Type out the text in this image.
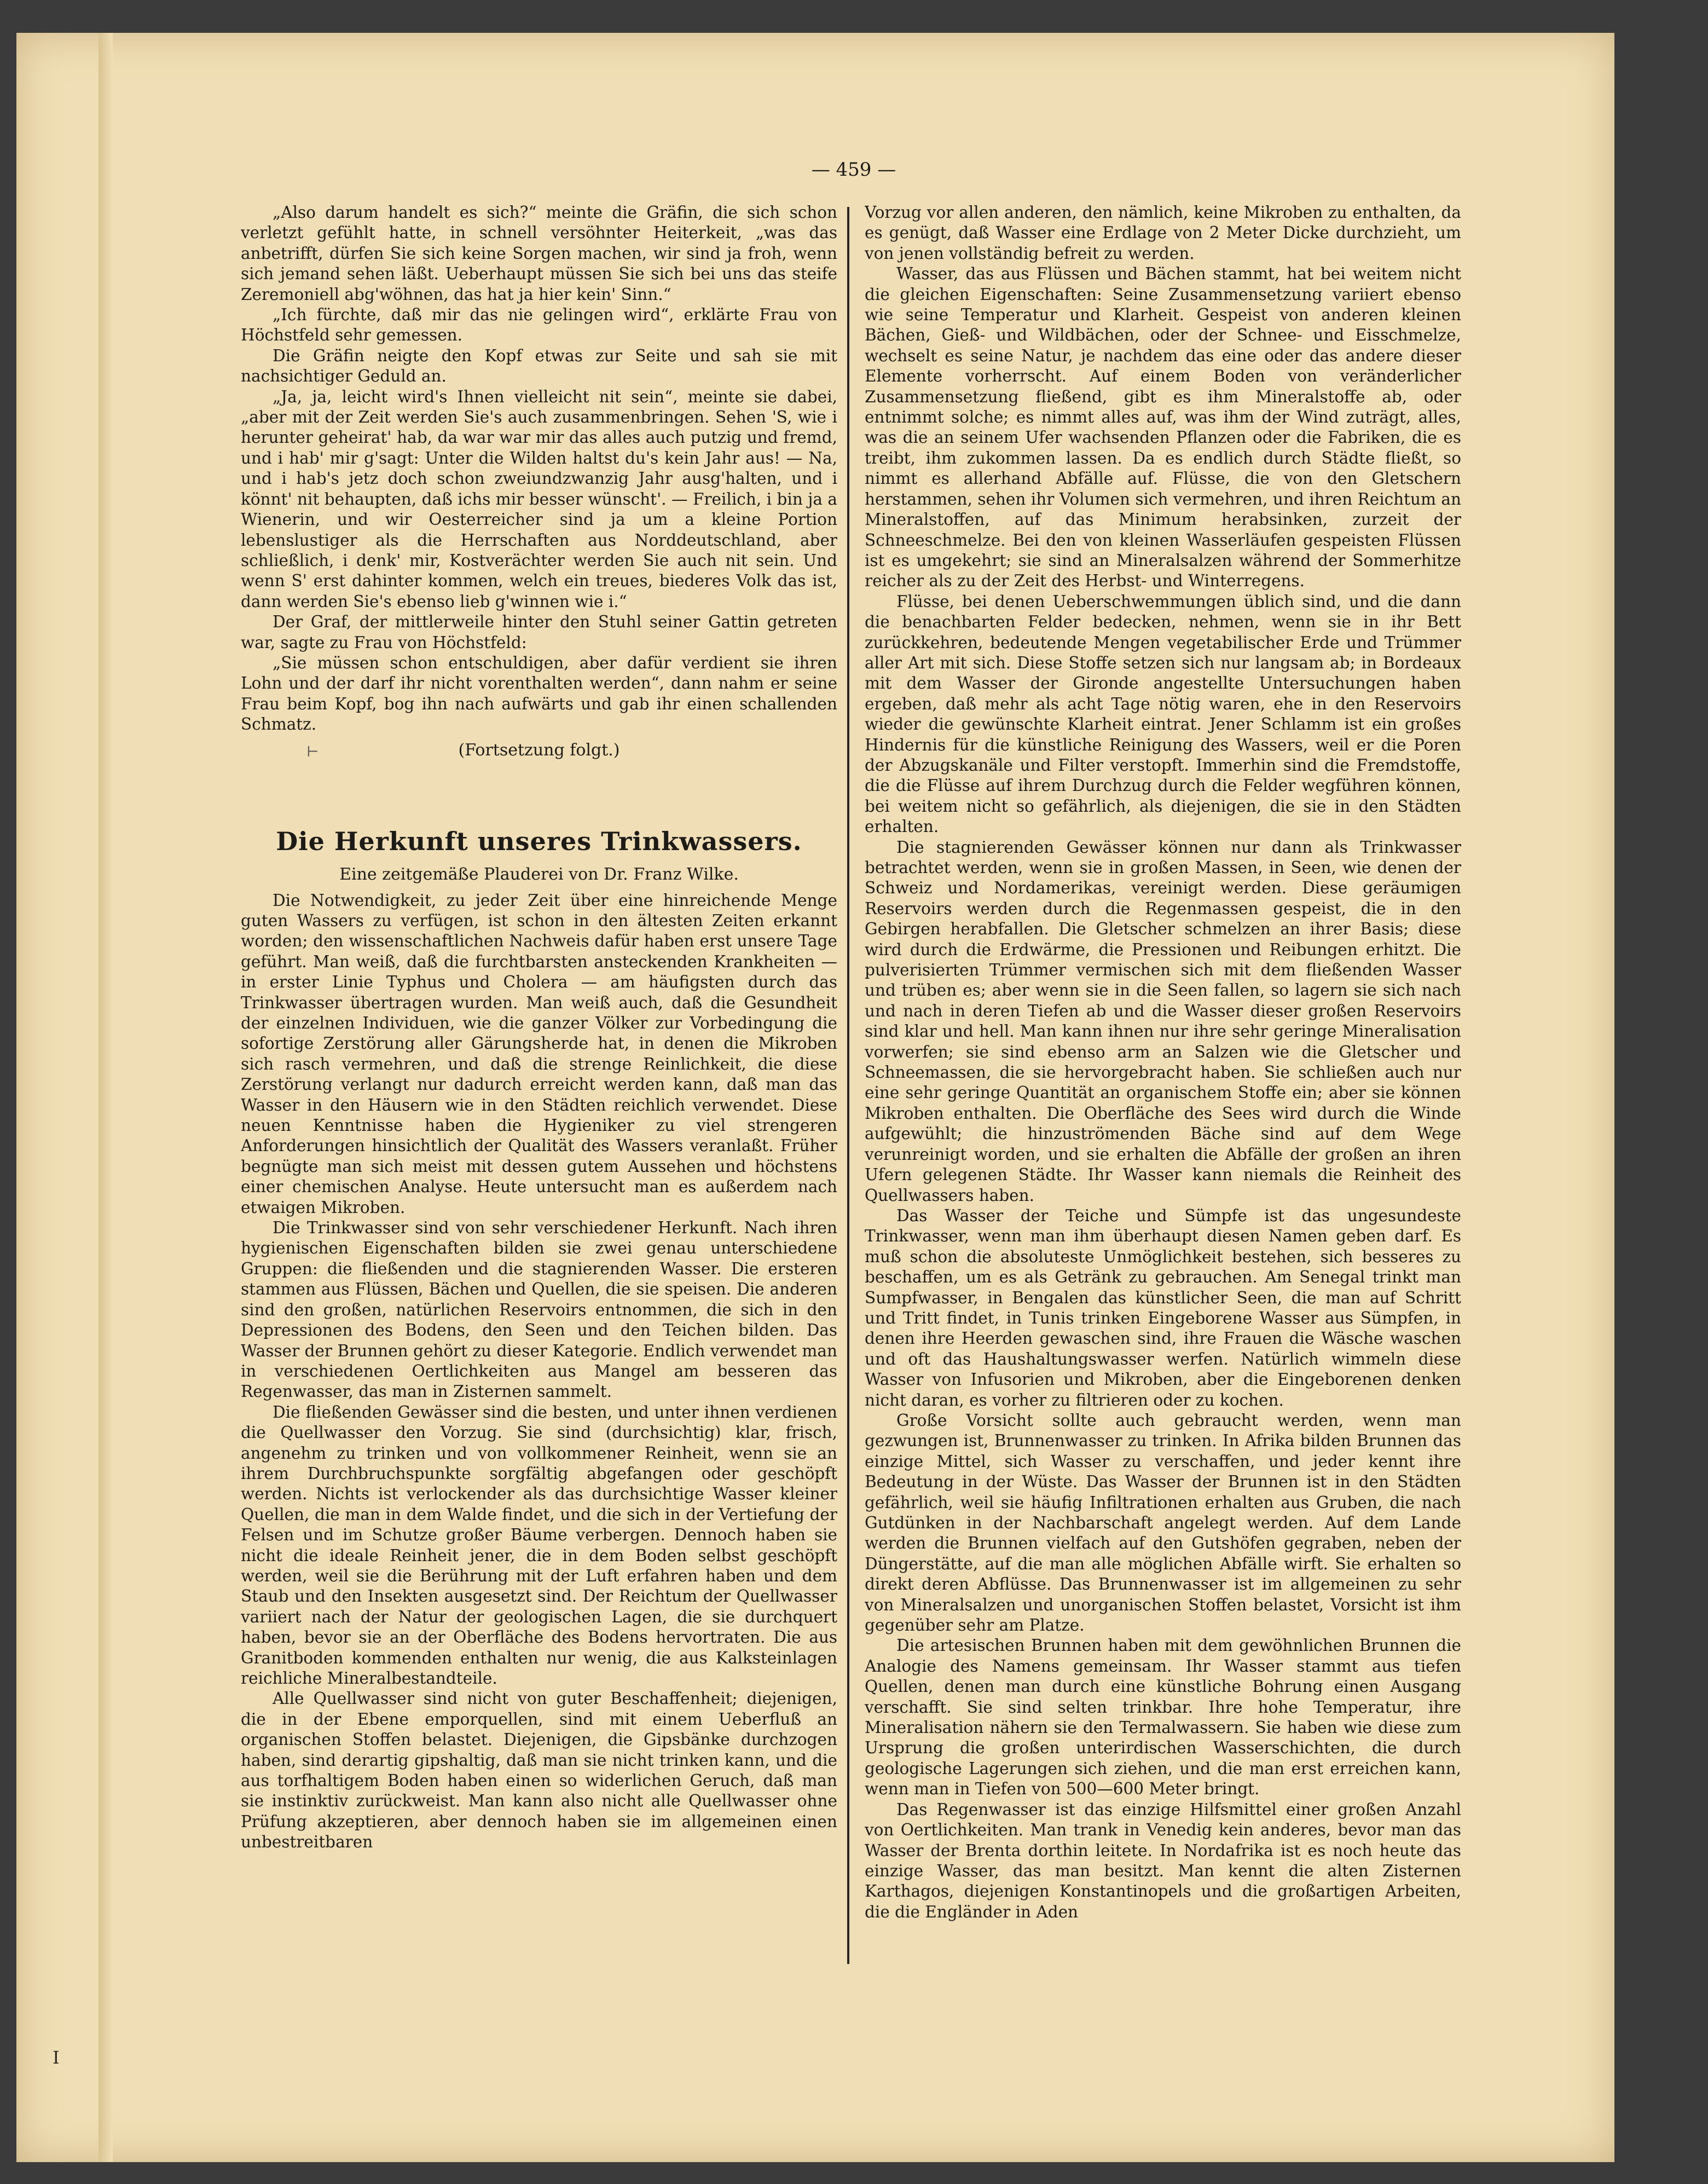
— 459 —

„Also darum handelt es sich?“ meinte die Gräfin, die sich schon verletzt gefühlt hatte, in schnell versöhnter Heiterkeit, „was das anbetrifft, dürfen Sie sich keine Sorgen machen, wir sind ja froh, wenn sich jemand sehen läßt. Ueberhaupt müssen Sie sich bei uns das steife Zeremoniell abg'wöhnen, das hat ja hier kein' Sinn.“

„Ich fürchte, daß mir das nie gelingen wird“, erklärte Frau von Höchstfeld sehr gemessen.

Die Gräfin neigte den Kopf etwas zur Seite und sah sie mit nachsichtiger Geduld an.

„Ja, ja, leicht wird's Ihnen vielleicht nit sein“, meinte sie dabei, „aber mit der Zeit werden Sie's auch zusammenbringen. Sehen 'S, wie i herunter geheirat' hab, da war war mir das alles auch putzig und fremd, und i hab' mir g'sagt: Unter die Wilden haltst du's kein Jahr aus! — Na, und i hab's jetz doch schon zweiundzwanzig Jahr ausg'halten, und i könnt' nit behaupten, daß ichs mir besser wünscht'. — Freilich, i bin ja a Wienerin, und wir Oesterreicher sind ja um a kleine Portion lebenslustiger als die Herrschaften aus Norddeutschland, aber schließlich, i denk' mir, Kostverächter werden Sie auch nit sein. Und wenn S' erst dahinter kommen, welch ein treues, biederes Volk das ist, dann werden Sie's ebenso lieb g'winnen wie i.“

Der Graf, der mittlerweile hinter den Stuhl seiner Gattin getreten war, sagte zu Frau von Höchstfeld:

„Sie müssen schon entschuldigen, aber dafür verdient sie ihren Lohn und der darf ihr nicht vorenthalten werden“, dann nahm er seine Frau beim Kopf, bog ihn nach aufwärts und gab ihr einen schallenden Schmatz.

⊢	(Fortsetzung folgt.)

Die Herkunft unseres Trinkwassers.

Eine zeitgemäße Plauderei von Dr. Franz Wilke.

Die Notwendigkeit, zu jeder Zeit über eine hinreichende Menge guten Wassers zu verfügen, ist schon in den ältesten Zeiten erkannt worden; den wissenschaftlichen Nachweis dafür haben erst unsere Tage geführt. Man weiß, daß die furchtbarsten ansteckenden Krankheiten — in erster Linie Typhus und Cholera — am häufigsten durch das Trinkwasser übertragen wurden. Man weiß auch, daß die Gesundheit der einzelnen Individuen, wie die ganzer Völker zur Vorbedingung die sofortige Zerstörung aller Gärungsherde hat, in denen die Mikroben sich rasch vermehren, und daß die strenge Reinlichkeit, die diese Zerstörung verlangt nur dadurch erreicht werden kann, daß man das Wasser in den Häusern wie in den Städten reichlich verwendet. Diese neuen Kenntnisse haben die Hygieniker zu viel strengeren Anforderungen hinsichtlich der Qualität des Wassers veranlaßt. Früher begnügte man sich meist mit dessen gutem Aussehen und höchstens einer chemischen Analyse. Heute untersucht man es außerdem nach etwaigen Mikroben.

Die Trinkwasser sind von sehr verschiedener Herkunft. Nach ihren hygienischen Eigenschaften bilden sie zwei genau unterschiedene Gruppen: die fließenden und die stagnierenden Wasser. Die ersteren stammen aus Flüssen, Bächen und Quellen, die sie speisen. Die anderen sind den großen, natürlichen Reservoirs entnommen, die sich in den Depressionen des Bodens, den Seen und den Teichen bilden. Das Wasser der Brunnen gehört zu dieser Kategorie. Endlich verwendet man in verschiedenen Oertlichkeiten aus Mangel am besseren das Regenwasser, das man in Zisternen sammelt.

Die fließenden Gewässer sind die besten, und unter ihnen verdienen die Quellwasser den Vorzug. Sie sind (durchsichtig) klar, frisch, angenehm zu trinken und von vollkommener Reinheit, wenn sie an ihrem Durchbruchspunkte sorgfältig abgefangen oder geschöpft werden. Nichts ist verlockender als das durchsichtige Wasser kleiner Quellen, die man in dem Walde findet, und die sich in der Vertiefung der Felsen und im Schutze großer Bäume verbergen. Dennoch haben sie nicht die ideale Reinheit jener, die in dem Boden selbst geschöpft werden, weil sie die Berührung mit der Luft erfahren haben und dem Staub und den Insekten ausgesetzt sind. Der Reichtum der Quellwasser variiert nach der Natur der geologischen Lagen, die sie durchquert haben, bevor sie an der Oberfläche des Bodens hervortraten. Die aus Granitboden kommenden enthalten nur wenig, die aus Kalksteinlagen reichliche Mineralbestandteile.

Alle Quellwasser sind nicht von guter Beschaffenheit; diejenigen, die in der Ebene emporquellen, sind mit einem Ueberfluß an organischen Stoffen belastet. Diejenigen, die Gipsbänke durchzogen haben, sind derartig gipshaltig, daß man sie nicht trinken kann, und die aus torfhaltigem Boden haben einen so widerlichen Geruch, daß man sie instinktiv zurückweist. Man kann also nicht alle Quellwasser ohne Prüfung akzeptieren, aber dennoch haben sie im allgemeinen einen unbestreitbaren

Vorzug vor allen anderen, den nämlich, keine Mikroben zu enthalten, da es genügt, daß Wasser eine Erdlage von 2 Meter Dicke durchzieht, um von jenen vollständig befreit zu werden.

Wasser, das aus Flüssen und Bächen stammt, hat bei weitem nicht die gleichen Eigenschaften: Seine Zusammensetzung variiert ebenso wie seine Temperatur und Klarheit. Gespeist von anderen kleinen Bächen, Gieß- und Wildbächen, oder der Schnee- und Eisschmelze, wechselt es seine Natur, je nachdem das eine oder das andere dieser Elemente vorherrscht. Auf einem Boden von veränderlicher Zusammensetzung fließend, gibt es ihm Mineralstoffe ab, oder entnimmt solche; es nimmt alles auf, was ihm der Wind zuträgt, alles, was die an seinem Ufer wachsenden Pflanzen oder die Fabriken, die es treibt, ihm zukommen lassen. Da es endlich durch Städte fließt, so nimmt es allerhand Abfälle auf. Flüsse, die von den Gletschern herstammen, sehen ihr Volumen sich vermehren, und ihren Reichtum an Mineralstoffen, auf das Minimum herabsinken, zurzeit der Schneeschmelze. Bei den von kleinen Wasserläufen gespeisten Flüssen ist es umgekehrt; sie sind an Mineralsalzen während der Sommerhitze reicher als zu der Zeit des Herbst- und Winterregens.

Flüsse, bei denen Ueberschwemmungen üblich sind, und die dann die benachbarten Felder bedecken, nehmen, wenn sie in ihr Bett zurückkehren, bedeutende Mengen vegetabilischer Erde und Trümmer aller Art mit sich. Diese Stoffe setzen sich nur langsam ab; in Bordeaux mit dem Wasser der Gironde angestellte Untersuchungen haben ergeben, daß mehr als acht Tage nötig waren, ehe in den Reservoirs wieder die gewünschte Klarheit eintrat. Jener Schlamm ist ein großes Hindernis für die künstliche Reinigung des Wassers, weil er die Poren der Abzugskanäle und Filter verstopft. Immerhin sind die Fremdstoffe, die die Flüsse auf ihrem Durchzug durch die Felder wegführen können, bei weitem nicht so gefährlich, als diejenigen, die sie in den Städten erhalten.

Die stagnierenden Gewässer können nur dann als Trinkwasser betrachtet werden, wenn sie in großen Massen, in Seen, wie denen der Schweiz und Nordamerikas, vereinigt werden. Diese geräumigen Reservoirs werden durch die Regenmassen gespeist, die in den Gebirgen herabfallen. Die Gletscher schmelzen an ihrer Basis; diese wird durch die Erdwärme, die Pressionen und Reibungen erhitzt. Die pulverisierten Trümmer vermischen sich mit dem fließenden Wasser und trüben es; aber wenn sie in die Seen fallen, so lagern sie sich nach und nach in deren Tiefen ab und die Wasser dieser großen Reservoirs sind klar und hell. Man kann ihnen nur ihre sehr geringe Mineralisation vorwerfen; sie sind ebenso arm an Salzen wie die Gletscher und Schneemassen, die sie hervorgebracht haben. Sie schließen auch nur eine sehr geringe Quantität an organischem Stoffe ein; aber sie können Mikroben enthalten. Die Oberfläche des Sees wird durch die Winde aufgewühlt; die hinzuströmenden Bäche sind auf dem Wege verunreinigt worden, und sie erhalten die Abfälle der großen an ihren Ufern gelegenen Städte. Ihr Wasser kann niemals die Reinheit des Quellwassers haben.

Das Wasser der Teiche und Sümpfe ist das ungesundeste Trinkwasser, wenn man ihm überhaupt diesen Namen geben darf. Es muß schon die absoluteste Unmöglichkeit bestehen, sich besseres zu beschaffen, um es als Getränk zu gebrauchen. Am Senegal trinkt man Sumpfwasser, in Bengalen das künstlicher Seen, die man auf Schritt und Tritt findet, in Tunis trinken Eingeborene Wasser aus Sümpfen, in denen ihre Heerden gewaschen sind, ihre Frauen die Wäsche waschen und oft das Haushaltungswasser werfen. Natürlich wimmeln diese Wasser von Infusorien und Mikroben, aber die Eingeborenen denken nicht daran, es vorher zu filtrieren oder zu kochen.

Große Vorsicht sollte auch gebraucht werden, wenn man gezwungen ist, Brunnenwasser zu trinken. In Afrika bilden Brunnen das einzige Mittel, sich Wasser zu verschaffen, und jeder kennt ihre Bedeutung in der Wüste. Das Wasser der Brunnen ist in den Städten gefährlich, weil sie häufig Infiltrationen erhalten aus Gruben, die nach Gutdünken in der Nachbarschaft angelegt werden. Auf dem Lande werden die Brunnen vielfach auf den Gutshöfen gegraben, neben der Düngerstätte, auf die man alle möglichen Abfälle wirft. Sie erhalten so direkt deren Abflüsse. Das Brunnenwasser ist im allgemeinen zu sehr von Mineralsalzen und unorganischen Stoffen belastet, Vorsicht ist ihm gegenüber sehr am Platze.

Die artesischen Brunnen haben mit dem gewöhnlichen Brunnen die Analogie des Namens gemeinsam. Ihr Wasser stammt aus tiefen Quellen, denen man durch eine künstliche Bohrung einen Ausgang verschafft. Sie sind selten trinkbar. Ihre hohe Temperatur, ihre Mineralisation nähern sie den Termalwassern. Sie haben wie diese zum Ursprung die großen unterirdischen Wasserschichten, die durch geologische Lagerungen sich ziehen, und die man erst erreichen kann, wenn man in Tiefen von 500—600 Meter bringt.

Das Regenwasser ist das einzige Hilfsmittel einer großen Anzahl von Oertlichkeiten. Man trank in Venedig kein anderes, bevor man das Wasser der Brenta dorthin leitete. In Nordafrika ist es noch heute das einzige Wasser, das man besitzt. Man kennt die alten Zisternen Karthagos, diejenigen Konstantinopels und die großartigen Arbeiten, die die Engländer in Aden

I
